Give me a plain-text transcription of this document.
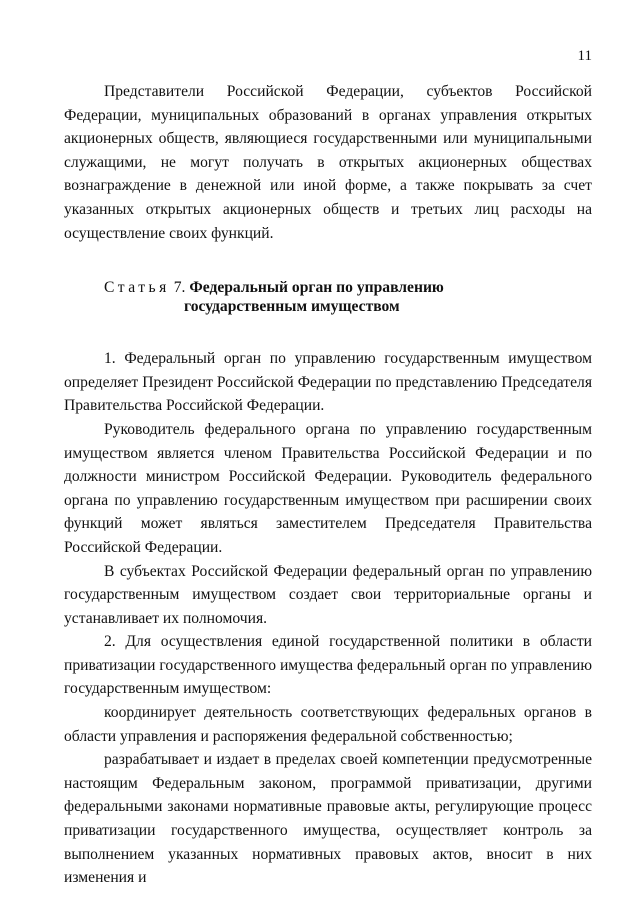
11

Представители Российской Федерации, субъектов Российской Федерации, муниципальных образований в органах управления открытых акционерных обществ, являющиеся государственными или муниципальными служащими, не могут получать в открытых акционерных обществах вознаграждение в денежной или иной форме, а также покрывать за счет указанных открытых акционерных обществ и третьих лиц расходы на осуществление своих функций.

Статья 7. Федеральный орган по управлению
государственным имуществом

1. Федеральный орган по управлению государственным имуществом определяет Президент Российской Федерации по представлению Председателя Правительства Российской Федерации.

Руководитель федерального органа по управлению государственным имуществом является членом Правительства Российской Федерации и по должности министром Российской Федерации. Руководитель федерального органа по управлению государственным имуществом при расширении своих функций может являться заместителем Председателя Правительства Российской Федерации.

В субъектах Российской Федерации федеральный орган по управлению государственным имуществом создает свои территориальные органы и устанавливает их полномочия.

2. Для осуществления единой государственной политики в области приватизации государственного имущества федеральный орган по управлению государственным имуществом:

координирует деятельность соответствующих федеральных органов в области управления и распоряжения федеральной собственностью;

разрабатывает и издает в пределах своей компетенции предусмотренные настоящим Федеральным законом, программой приватизации, другими федеральными законами нормативные правовые акты, регулирующие процесс приватизации государственного имущества, осуществляет контроль за выполнением указанных нормативных правовых актов, вносит в них изменения и
